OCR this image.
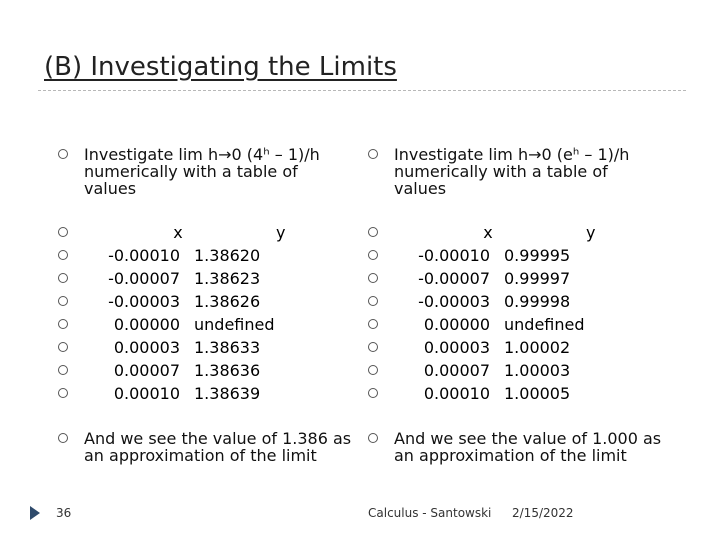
(B) Investigating the Limits
Investigate lim h→0 (4ʰ – 1)/h numerically with a table of values
x	y
-0.00010 1.38620
-0.00007 1.38623
-0.00003 1.38626
0.00000 undefined
0.00003 1.38633
0.00007 1.38636
0.00010 1.38639
And we see the value of 1.386 as an approximation of the limit
Investigate lim h→0 (eʰ – 1)/h numerically with a table of values
x	y
-0.00010 0.99995
-0.00007 0.99997
-0.00003 0.99998
0.00000 undefined
0.00003 1.00002
0.00007 1.00003
0.00010 1.00005
And we see the value of 1.000 as an approximation of the limit
36	Calculus - Santowski 2/15/2022
